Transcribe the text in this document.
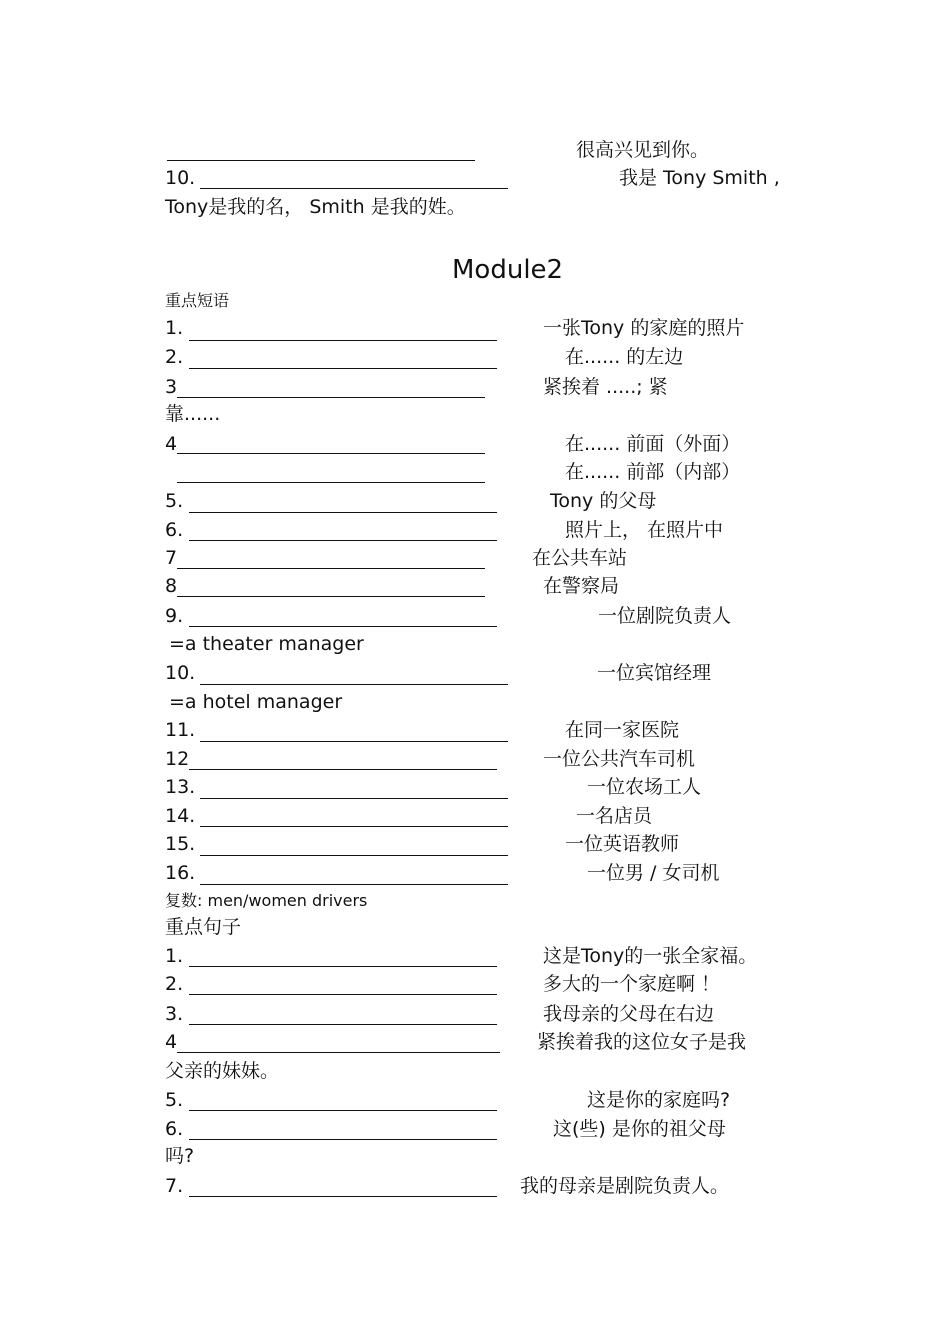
很高兴见到你。
10.	我是 Tony Smith ,
Tony是我的名， Smith 是我的姓。
Module2
重点短语
1.	一张Tony 的家庭的照片
2.	在...... 的左边
3	紧挨着 .....; 紧
靠......
4	在...... 前面（外面）
在...... 前部（内部）
5.	Tony 的父母
6.	照片上， 在照片中
7	在公共车站
8	在警察局
9.	一位剧院负责人
=a theater manager
10.	一位宾馆经理
=a hotel manager
11.	在同一家医院
12	一位公共汽车司机
13.	一位农场工人
14.	一名店员
15.	一位英语教师
16.	一位男 / 女司机
复数: men/women drivers
重点句子
1.	这是Tony的一张全家福。
2.	多大的一个家庭啊 ！
3.	我母亲的父母在右边
4	紧挨着我的这位女子是我
父亲的妹妹。
5.	这是你的家庭吗?
6.	这(些) 是你的祖父母
吗?
7.	我的母亲是剧院负责人。
